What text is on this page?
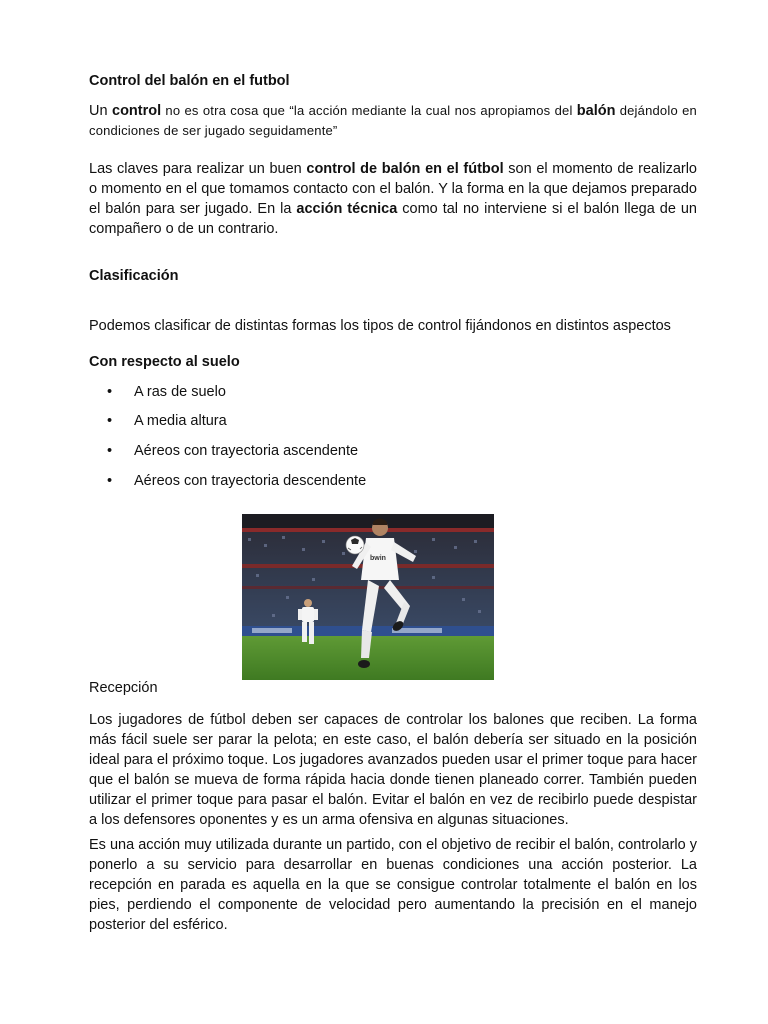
Control del balón en el futbol
Un control no es otra cosa que “la acción mediante la cual nos apropiamos del balón dejándolo en condiciones de ser jugado seguidamente”
Las claves para realizar un buen control de balón en el fútbol son el momento de realizarlo o momento en el que tomamos contacto con el balón. Y la forma en la que dejamos preparado el balón para ser jugado. En la acción técnica como tal no interviene si el balón llega de un compañero o de un contrario.
Clasificación
Podemos clasificar de distintas formas los tipos de control fijándonos en distintos aspectos
Con respecto al suelo
• A ras de suelo
• A media altura
• Aéreos con trayectoria ascendente
• Aéreos con trayectoria descendente
Recepción
Los jugadores de fútbol deben ser capaces de controlar los balones que reciben. La forma más fácil suele ser parar la pelota; en este caso, el balón debería ser situado en la posición ideal para el próximo toque. Los jugadores avanzados pueden usar el primer toque para hacer que el balón se mueva de forma rápida hacia donde tienen planeado correr. También pueden utilizar el primer toque para pasar el balón. Evitar el balón en vez de recibirlo puede despistar a los defensores oponentes y es un arma ofensiva en algunas situaciones.
Es una acción muy utilizada durante un partido, con el objetivo de recibir el balón, controlarlo y ponerlo a su servicio para desarrollar en buenas condiciones una acción posterior. La recepción en parada es aquella en la que se consigue controlar totalmente el balón en los pies, perdiendo el componente de velocidad pero aumentando la precisión en el manejo posterior del esférico.
bwin
